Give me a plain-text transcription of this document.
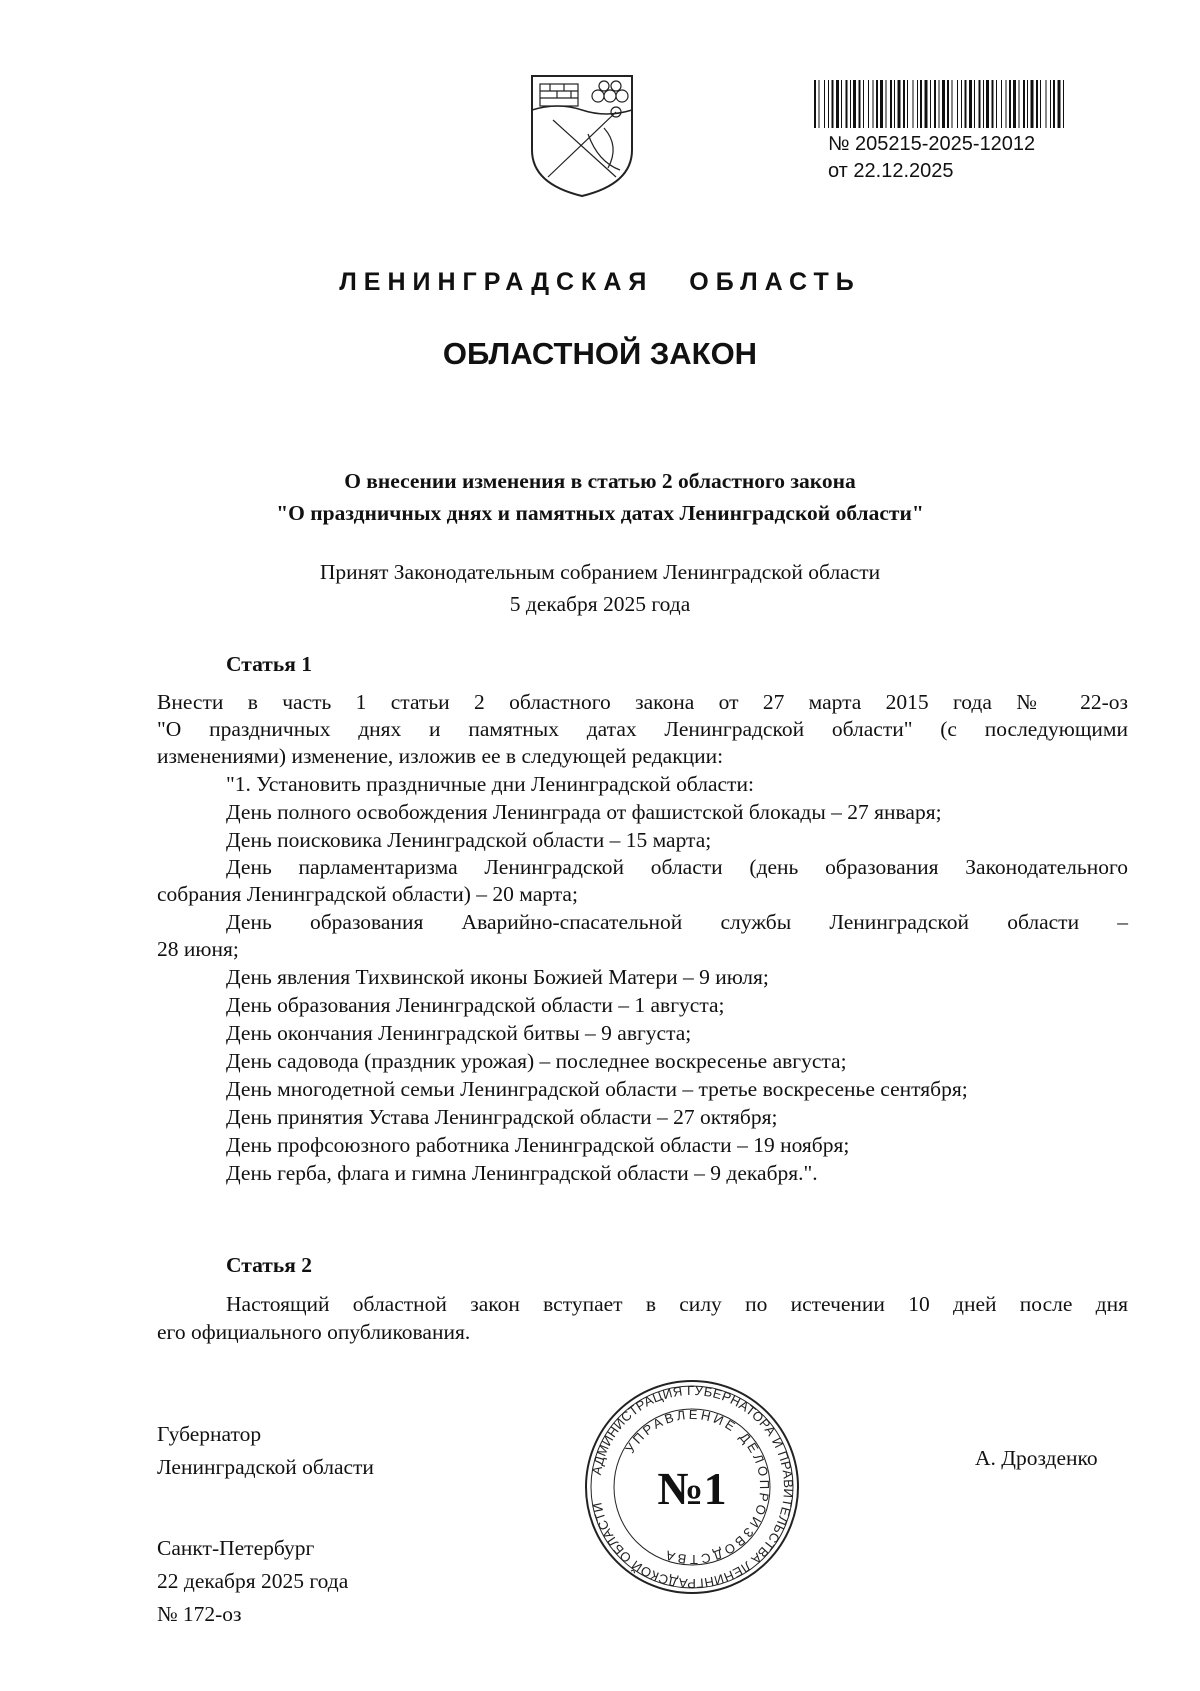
№ 205215-2025-12012
от 22.12.2025
ЛЕНИНГРАДСКАЯ ОБЛАСТЬ
ОБЛАСТНОЙ ЗАКОН
О внесении изменения в статью 2 областного закона
"О праздничных днях и памятных датах Ленинградской области"
Принят Законодательным собранием Ленинградской области
5 декабря 2025 года
Статья 1
Внести в часть 1 статьи 2 областного закона от 27 марта 2015 года № 22-оз
"О праздничных днях и памятных датах Ленинградской области" (с последующими
изменениями) изменение, изложив ее в следующей редакции:
"1. Установить праздничные дни Ленинградской области:
День полного освобождения Ленинграда от фашистской блокады – 27 января;
День поисковика Ленинградской области – 15 марта;
День парламентаризма Ленинградской области (день образования Законодательного
собрания Ленинградской области) – 20 марта;
День образования Аварийно-спасательной службы Ленинградской области –
28 июня;
День явления Тихвинской иконы Божией Матери – 9 июля;
День образования Ленинградской области – 1 августа;
День окончания Ленинградской битвы – 9 августа;
День садовода (праздник урожая) – последнее воскресенье августа;
День многодетной семьи Ленинградской области – третье воскресенье сентября;
День принятия Устава Ленинградской области – 27 октября;
День профсоюзного работника Ленинградской области – 19 ноября;
День герба, флага и гимна Ленинградской области – 9 декабря.".
Статья 2
Настоящий областной закон вступает в силу по истечении 10 дней после дня
его официального опубликования.
Губернатор
Ленинградской области	А. Дрозденко
Санкт-Петербург
22 декабря 2025 года
№ 172-оз
АДМИНИСТРАЦИЯ ГУБЕРНАТОРА И ПРАВИТЕЛЬСТВА ЛЕНИНГРАДСКОЙ ОБЛАСТИ
УПРАВЛЕНИЕ ДЕЛОПРОИЗВОДСТВА
№1
